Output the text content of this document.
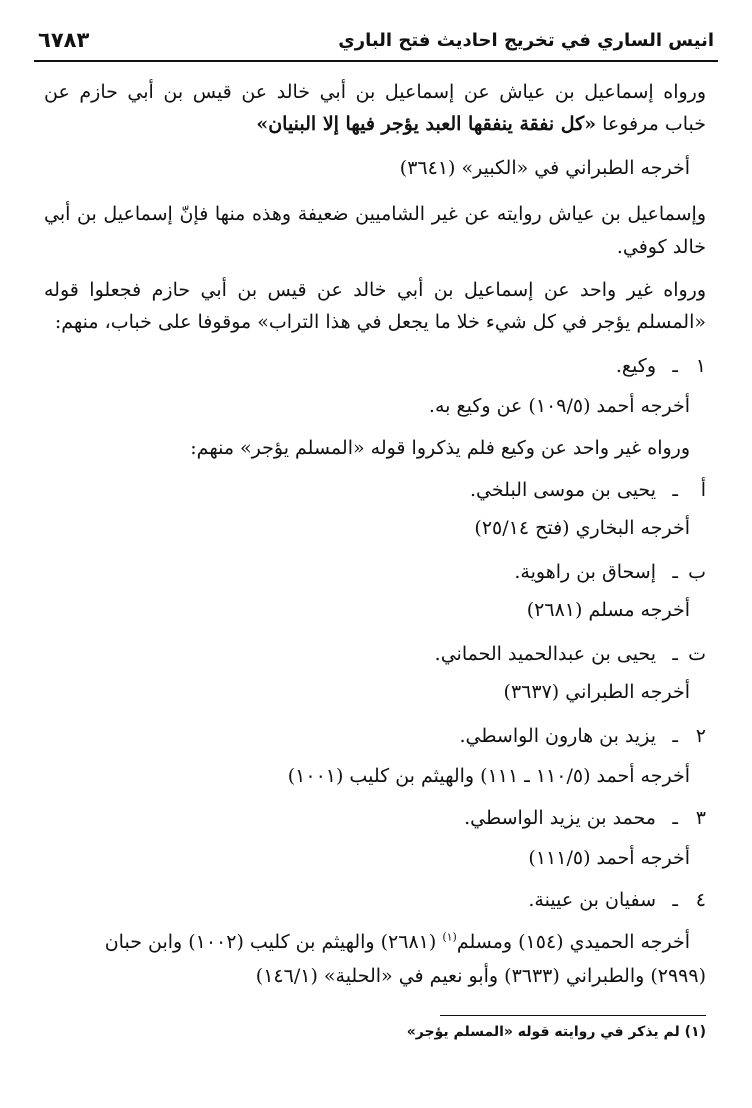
انيس الساري في تخريج احاديث فتح الباري
٦٧٨٣
ورواه إسماعيل بن عياش عن إسماعيل بن أبي خالد عن قيس بن أبي حازم عن
خباب مرفوعا «كل نفقة ينفقها العبد يؤجر فيها إلا البنيان»
أخرجه الطبراني في «الكبير» (٣٦٤١)
وإسماعيل بن عياش روايته عن غير الشاميين ضعيفة وهذه منها فإنّ إسماعيل بن أبي
خالد كوفي.
ورواه غير واحد عن إسماعيل بن أبي خالد عن قيس بن أبي حازم فجعلوا قوله
«المسلم يؤجر في كل شيء خلا ما يجعل في هذا التراب» موقوفا على خباب، منهم:
١
ـ
وكيع.
أخرجه أحمد (١٠٩/٥) عن وكيع به.
ورواه غير واحد عن وكيع فلم يذكروا قوله «المسلم يؤجر» منهم:
أ
ـ
يحيى بن موسى البلخي.
أخرجه البخاري (فتح ٢٥/١٤)
ب
ـ
إسحاق بن راهوية.
أخرجه مسلم (٢٦٨١)
ت
ـ
يحيى بن عبدالحميد الحماني.
أخرجه الطبراني (٣٦٣٧)
٢
ـ
يزيد بن هارون الواسطي.
أخرجه أحمد (١١٠/٥ ـ ١١١) والهيثم بن كليب (١٠٠١)
٣
ـ
محمد بن يزيد الواسطي.
أخرجه أحمد (١١١/٥)
٤
ـ
سفيان بن عيينة.
أخرجه الحميدي (١٥٤) ومسلم$^{(١)}$ (٢٦٨١) والهيثم بن كليب (١٠٠٢) وابن حبان
(٢٩٩٩) والطبراني (٣٦٣٣) وأبو نعيم في «الحلية» (١٤٦/١)
(١) لم يذكر في روايته قوله «المسلم يؤجر»
